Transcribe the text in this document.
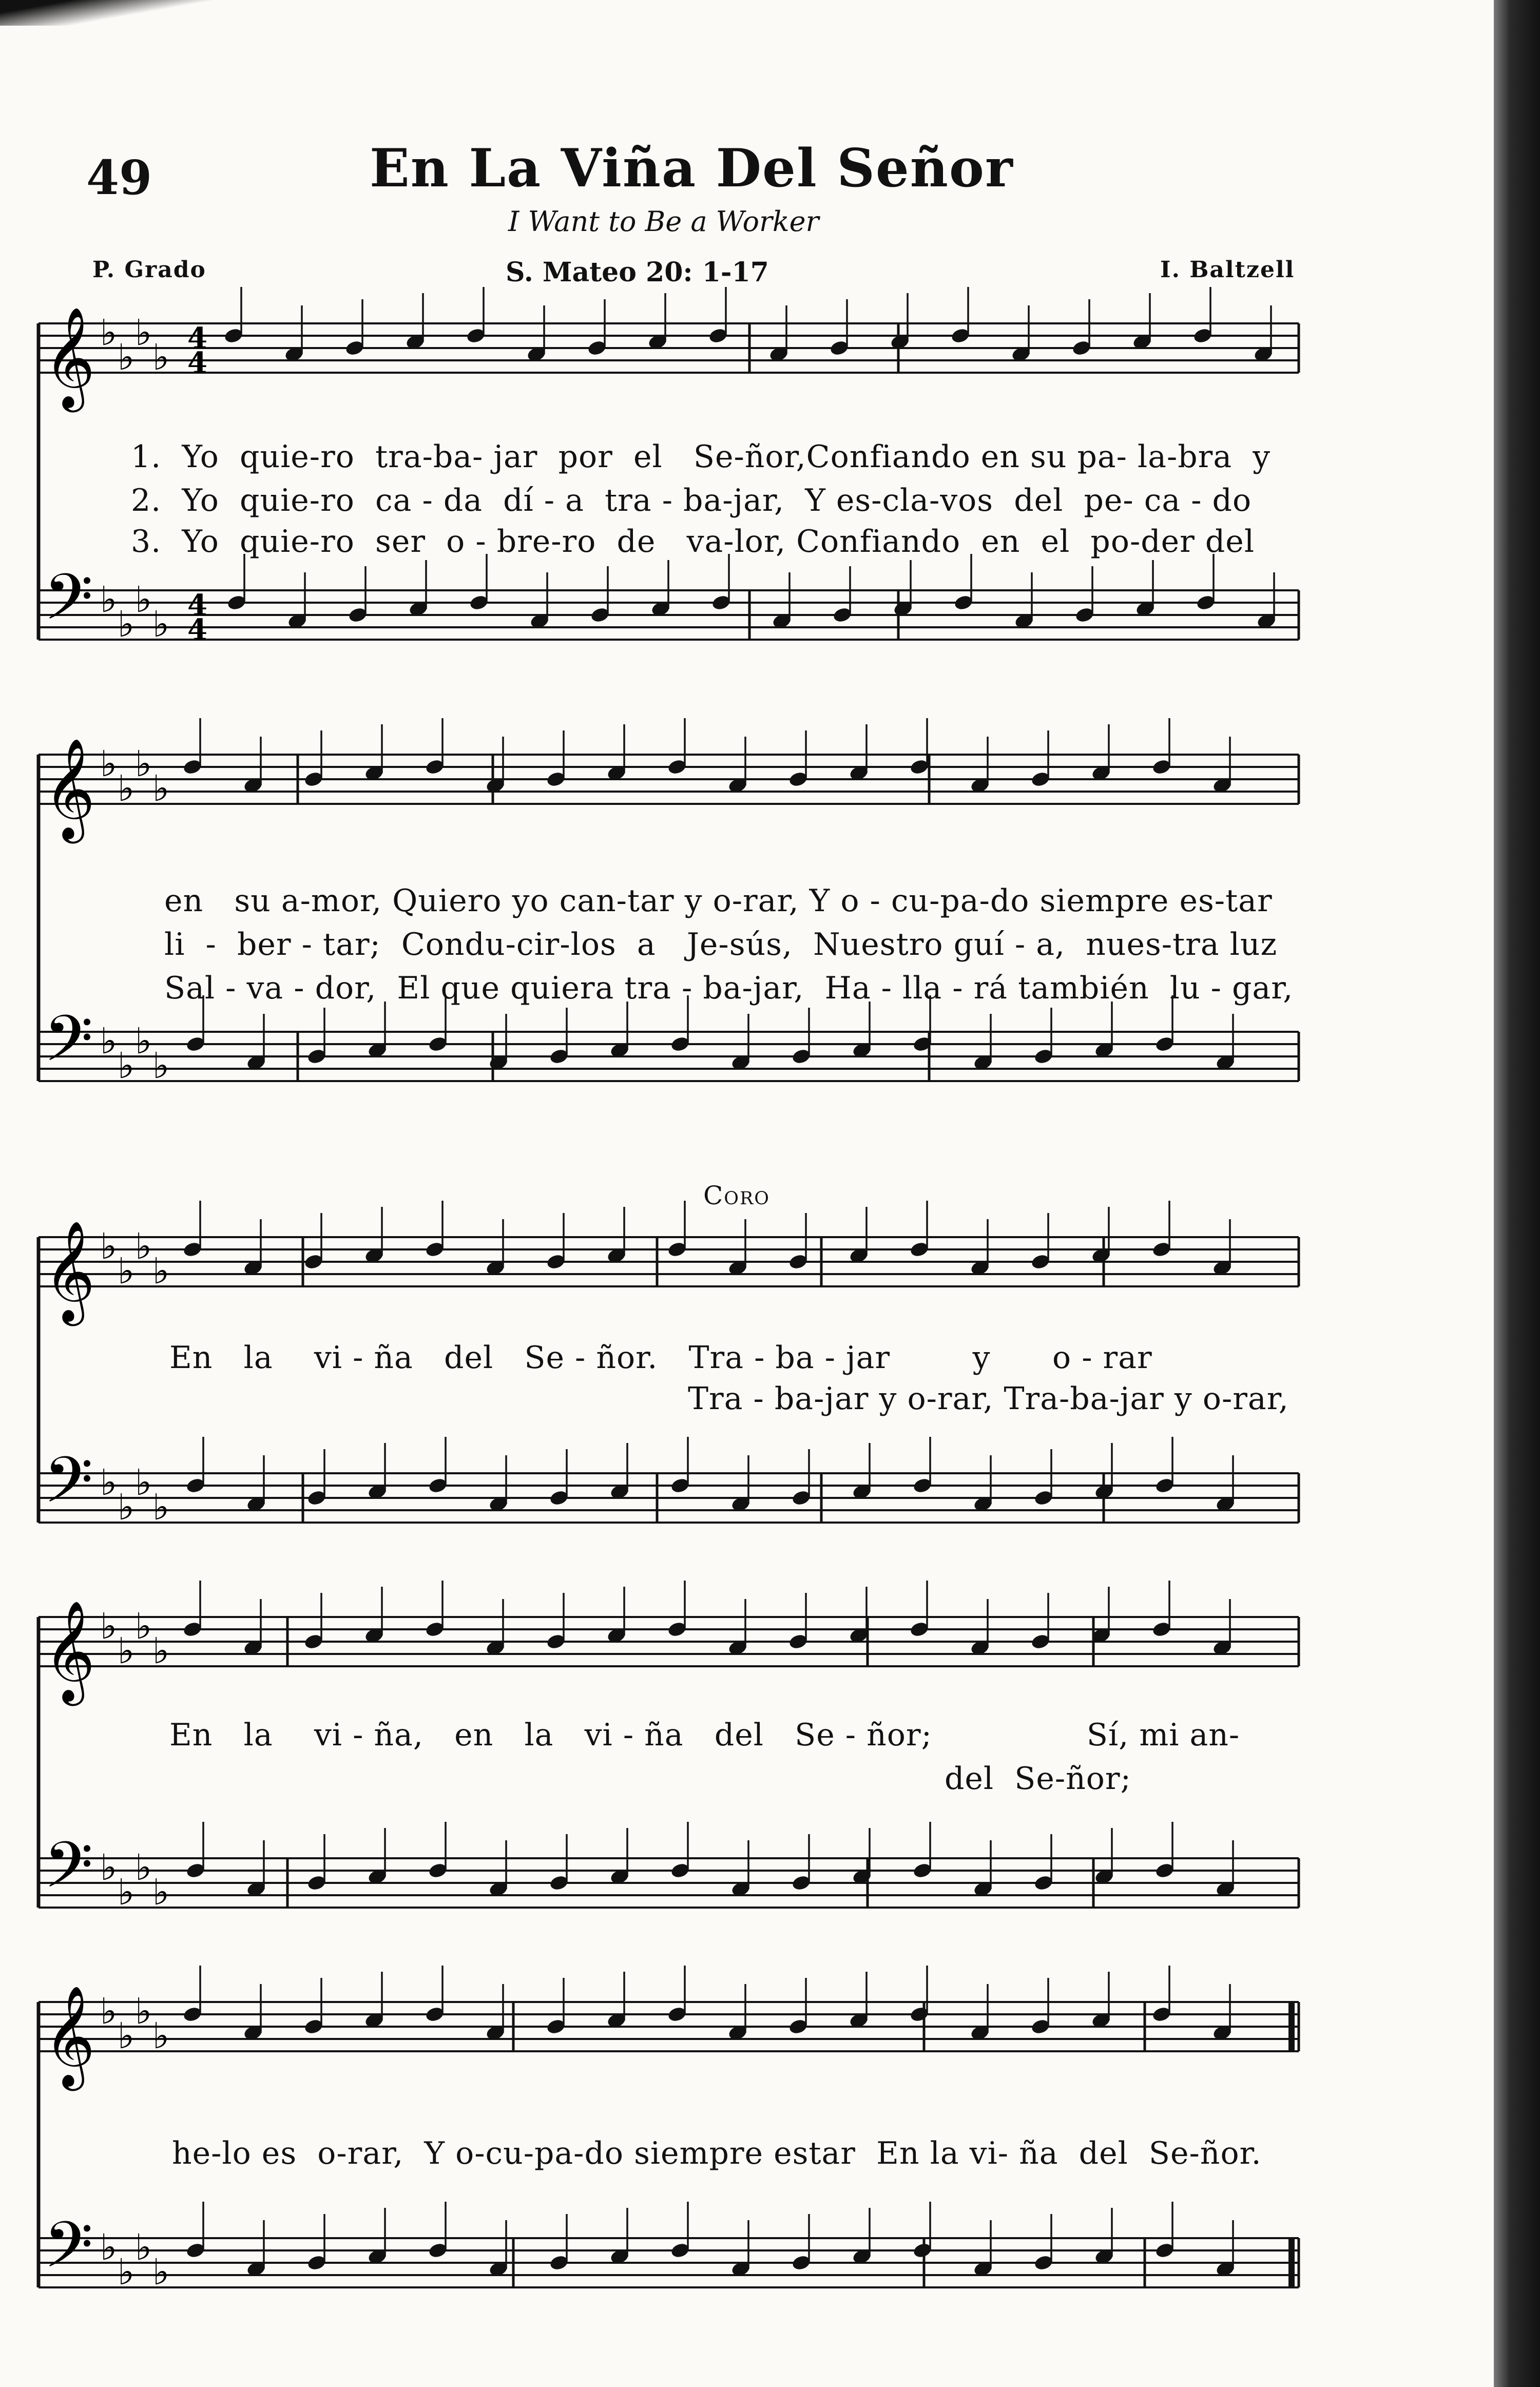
49	En La Viña Del Señor
I Want to Be a Worker
P. Grado	S. Mateo 20: 1-17	I. Baltzell
𝄞 ♭
♭
♭
♭
𝄢 ♭
♭
♭
♭
4
4
4
4
𝄞 ♭
♭
♭
♭
𝄢 ♭
♭
♭
♭
𝄞 ♭
♭
♭
♭
𝄢 ♭
♭
♭
♭
𝄞 ♭
♭
♭
♭
𝄢 ♭
♭
♭
♭
𝄞 ♭
♭
♭
♭
𝄢 ♭
♭
♭
♭
1.  Yo  quie-ro  tra-ba- jar  por  el   Se-ñor,Confiando en su pa- la-bra  y
2.  Yo  quie-ro  ca - da  dí - a  tra - ba-jar,  Y es-cla-vos  del  pe- ca - do
3.  Yo  quie-ro  ser  o - bre-ro  de   va-lor, Confiando  en  el  po-der del
en   su a-mor, Quiero yo can-tar y o-rar, Y o - cu-pa-do siempre es-tar
li  -  ber - tar;  Condu-cir-los  a   Je-sús,  Nuestro guí - a,  nues-tra luz
Sal - va - dor,  El que quiera tra - ba-jar,  Ha - lla - rá también  lu - gar,
Coro
En   la    vi - ña   del   Se - ñor.   Tra - ba - jar        y      o - rar
Tra - ba-jar y o-rar, Tra-ba-jar y o-rar,
En   la    vi - ña,   en   la   vi - ña   del   Se - ñor;               Sí, mi an-
del  Se-ñor;
he-lo es  o-rar,  Y o-cu-pa-do siempre estar  En la vi- ña  del  Se-ñor.
